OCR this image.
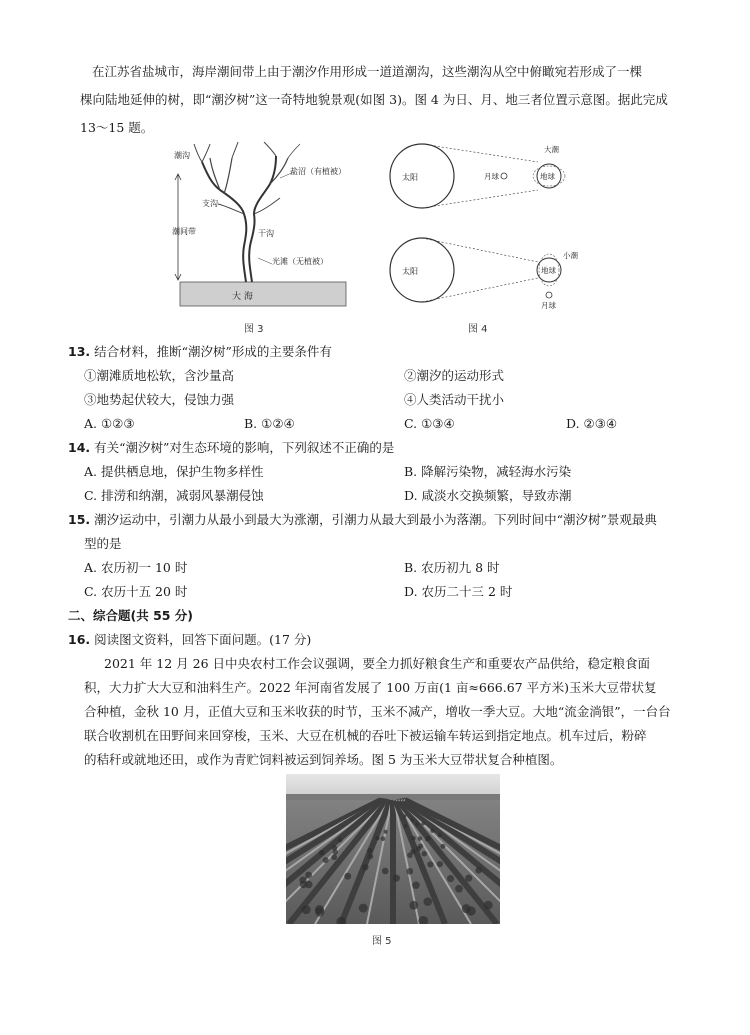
在江苏省盐城市，海岸潮间带上由于潮汐作用形成一道道潮沟，这些潮沟从空中俯瞰宛若形成了一棵
棵向陆地延伸的树，即“潮汐树”这一奇特地貌景观(如图 3)。图 4 为日、月、地三者位置示意图。据此完成
13～15 题。
潮沟
盐沼（有植被）
支沟
潮间带	干沟
光滩（无植被）
大 海
图 3
太阳	月球	地球
大潮
太阳	地球
月球
小潮
图 4
13. 结合材料，推断“潮汐树”形成的主要条件有
①潮滩质地松软，含沙量高	②潮汐的运动形式
③地势起伏较大，侵蚀力强	④人类活动干扰小
A. ①②③	B. ①②④	C. ①③④	D. ②③④
14. 有关“潮汐树”对生态环境的影响，下列叙述不正确的是
A. 提供栖息地，保护生物多样性	B. 降解污染物，减轻海水污染
C. 排涝和纳潮，减弱风暴潮侵蚀	D. 咸淡水交换频繁，导致赤潮
15. 潮汐运动中，引潮力从最小到最大为涨潮，引潮力从最大到最小为落潮。下列时间中“潮汐树”景观最典
型的是
A. 农历初一 10 时	B. 农历初九 8 时
C. 农历十五 20 时	D. 农历二十三 2 时
二、综合题(共 55 分)
16. 阅读图文资料，回答下面问题。(17 分)
2021 年 12 月 26 日中央农村工作会议强调，要全力抓好粮食生产和重要农产品供给，稳定粮食面
积，大力扩大大豆和油料生产。2022 年河南省发展了 100 万亩(1 亩≈666.67 平方米)玉米大豆带状复
合种植，金秋 10 月，正值大豆和玉米收获的时节，玉米不减产，增收一季大豆。大地“流金淌银”，一台台
联合收割机在田野间来回穿梭，玉米、大豆在机械的吞吐下被运输车转运到指定地点。机车过后，粉碎
的秸秆或就地还田，或作为青贮饲料被运到饲养场。图 5 为玉米大豆带状复合种植图。
图 5
